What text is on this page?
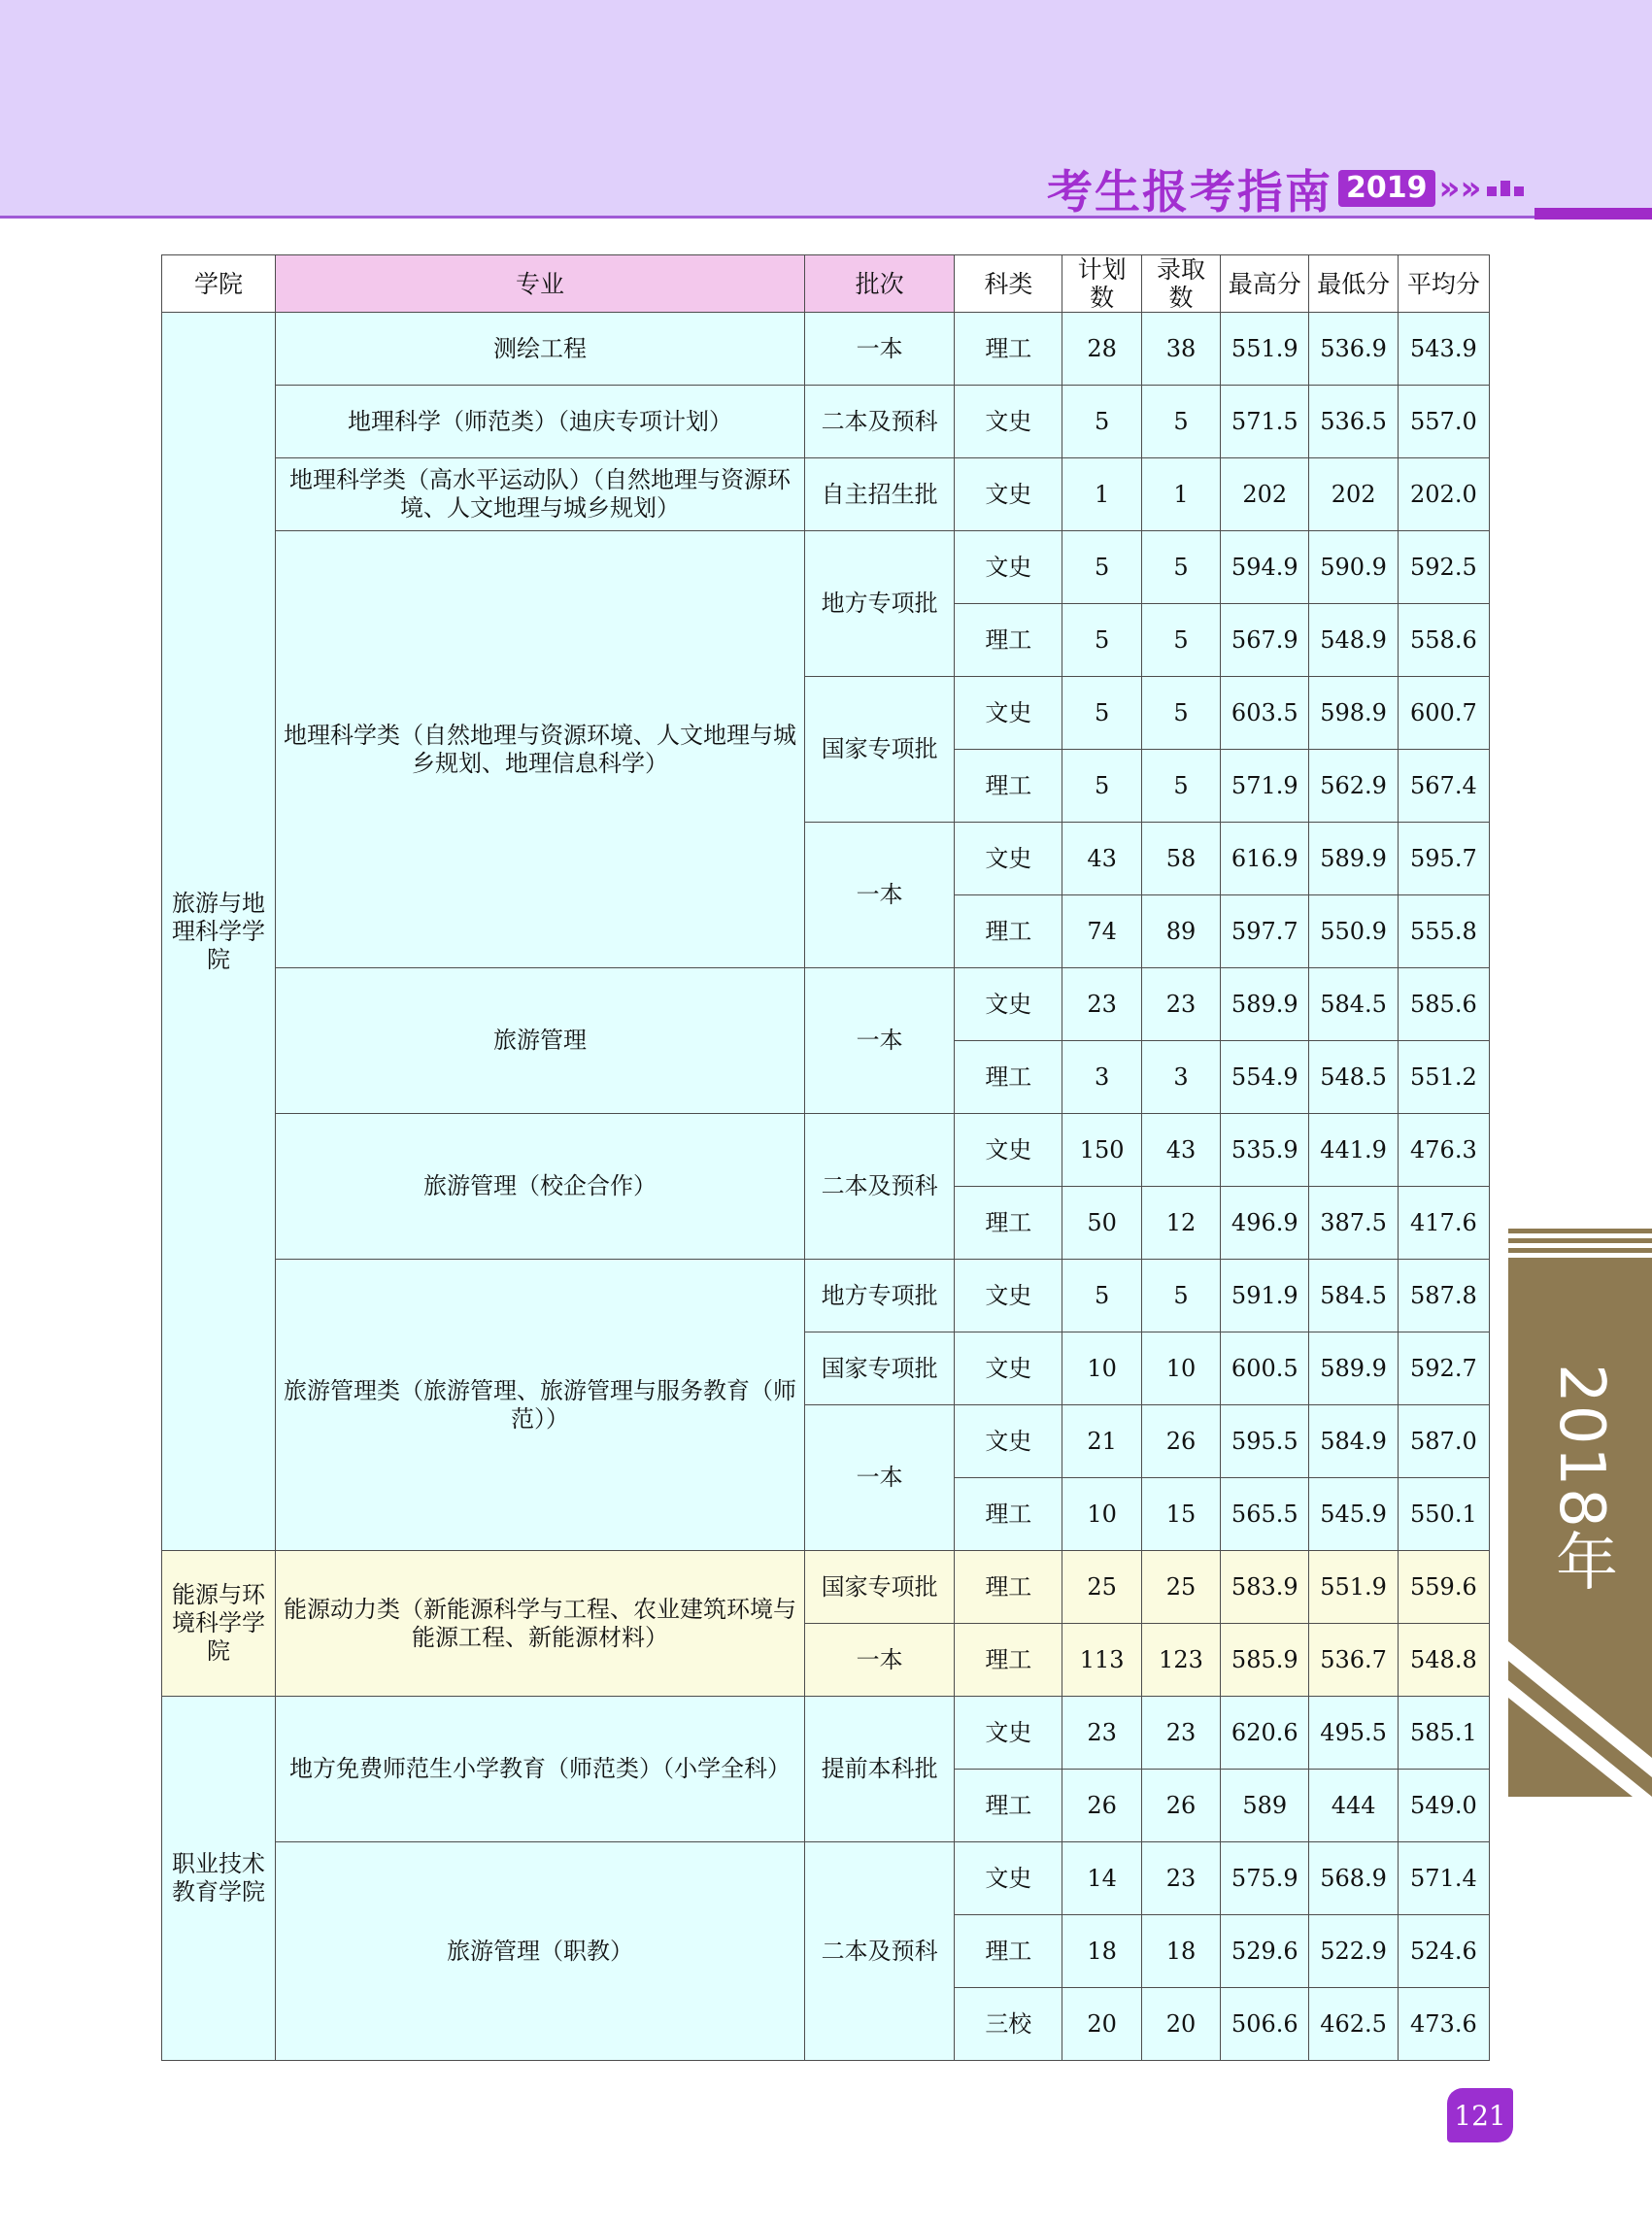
考生报考指南 2019 »»
学院	专业	批次	科类	计划数	录取数	最高分	最低分	平均分
旅游与地理科学学院	测绘工程	一本	理工	28	38	551.9	536.9	543.9
	地理科学（师范类）（迪庆专项计划）	二本及预科	文史	5	5	571.5	536.5	557.0
	地理科学类（高水平运动队）（自然地理与资源环境、人文地理与城乡规划）	自主招生批	文史	1	1	202	202	202.0
	地理科学类（自然地理与资源环境、人文地理与城乡规划、地理信息科学）	地方专项批	文史	5	5	594.9	590.9	592.5
			理工	5	5	567.9	548.9	558.6
		国家专项批	文史	5	5	603.5	598.9	600.7
			理工	5	5	571.9	562.9	567.4
		一本	文史	43	58	616.9	589.9	595.7
			理工	74	89	597.7	550.9	555.8
	旅游管理	一本	文史	23	23	589.9	584.5	585.6
			理工	3	3	554.9	548.5	551.2
	旅游管理（校企合作）	二本及预科	文史	150	43	535.9	441.9	476.3
			理工	50	12	496.9	387.5	417.6
	旅游管理类（旅游管理、旅游管理与服务教育（师范））	地方专项批	文史	5	5	591.9	584.5	587.8
		国家专项批	文史	10	10	600.5	589.9	592.7
		一本	文史	21	26	595.5	584.9	587.0
			理工	10	15	565.5	545.9	550.1
能源与环境科学学院	能源动力类（新能源科学与工程、农业建筑环境与能源工程、新能源材料）	国家专项批	理工	25	25	583.9	551.9	559.6
		一本	理工	113	123	585.9	536.7	548.8
职业技术教育学院	地方免费师范生小学教育（师范类）（小学全科）	提前本科批	文史	23	23	620.6	495.5	585.1
			理工	26	26	589	444	549.0
	旅游管理（职教）	二本及预科	文史	14	23	575.9	568.9	571.4
			理工	18	18	529.6	522.9	524.6
			三校	20	20	506.6	462.5	473.6
2018年
121
